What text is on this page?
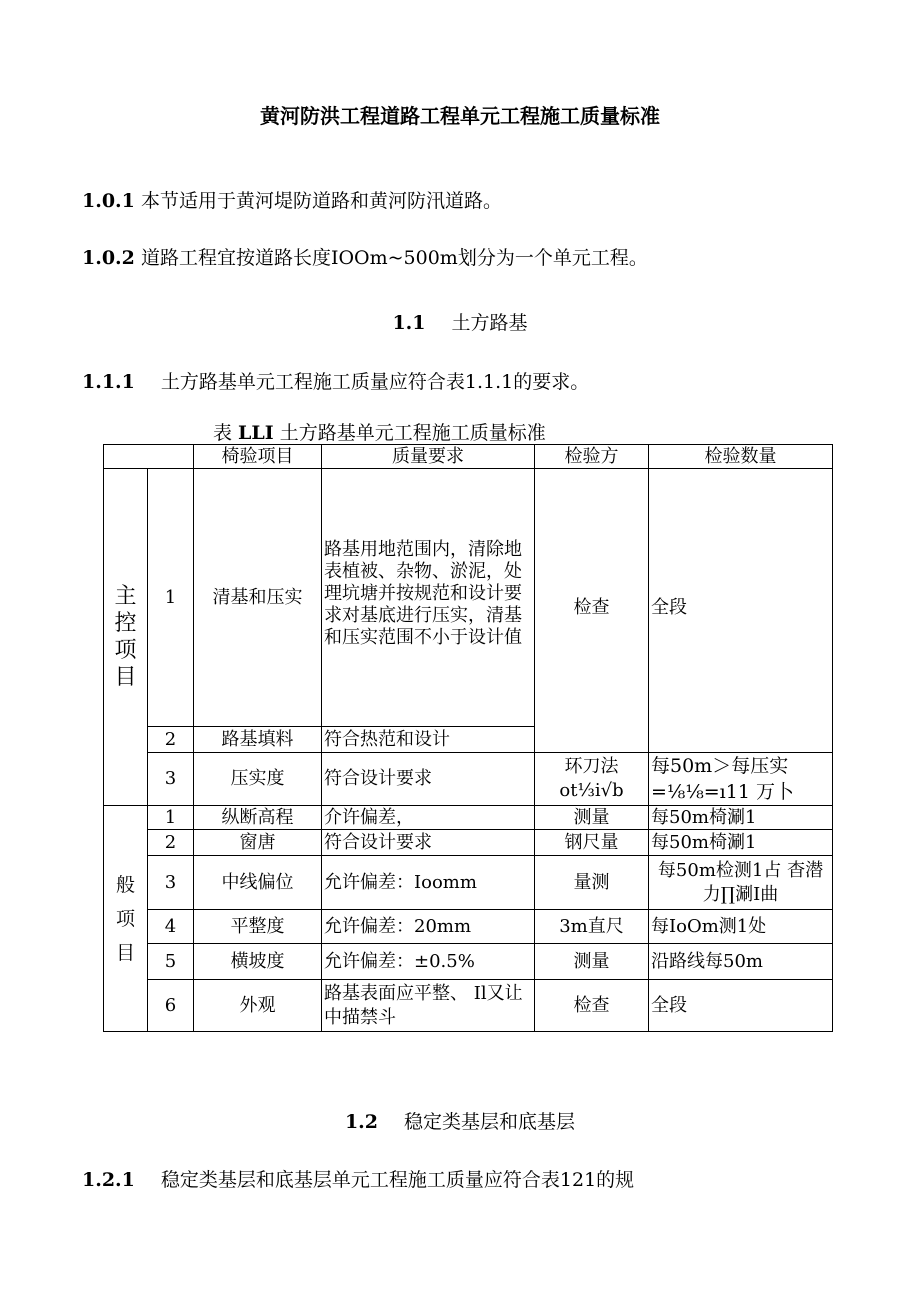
黄河防洪工程道路工程单元工程施工质量标准
1.0.1 本节适用于黄河堤防道路和黄河防汛道路。
1.0.2 道路工程宜按道路长度IOOm~500m划分为一个单元工程。
1.1 土方路基
1.1.1 土方路基单元工程施工质量应符合表1.1.1的要求。
表 LLI 土方路基单元工程施工质量标准
		椅验项目	质量要求	检验方	检验数量

主控项目	1	清基和压实	路基用地范围内，清除地表植被、杂物、淤泥，处理坑塘并按规范和设计要求对基底进行压实，清基和压实范围不小于设计值	检查	全段
	2	路基填料	符合热范和设计		
	3	压实度	符合设计要求	环刀法 ot⅓i√b	每50m＞每压实 =⅛⅛=ı11 万卜

般项目	1	纵断高程	介许偏差，	测量	每50m椅涮1
	2	窗唐	符合设计要求	钢尺量	每50m椅涮1
	3	中线偏位	允许偏差：Ioomm	量测	每50m检测1占 杳潜力∏涮I曲
	4	平整度	允许偏差：20mm	3m直尺	每IoOm测1处
	5	横坡度	允许偏差：±0.5%	测量	沿路线每50m
	6	外观	路基表面应平整、 Il又让中描禁斗	检查	全段
1.2 稳定类基层和底基层
1.2.1 稳定类基层和底基层单元工程施工质量应符合表121的规
